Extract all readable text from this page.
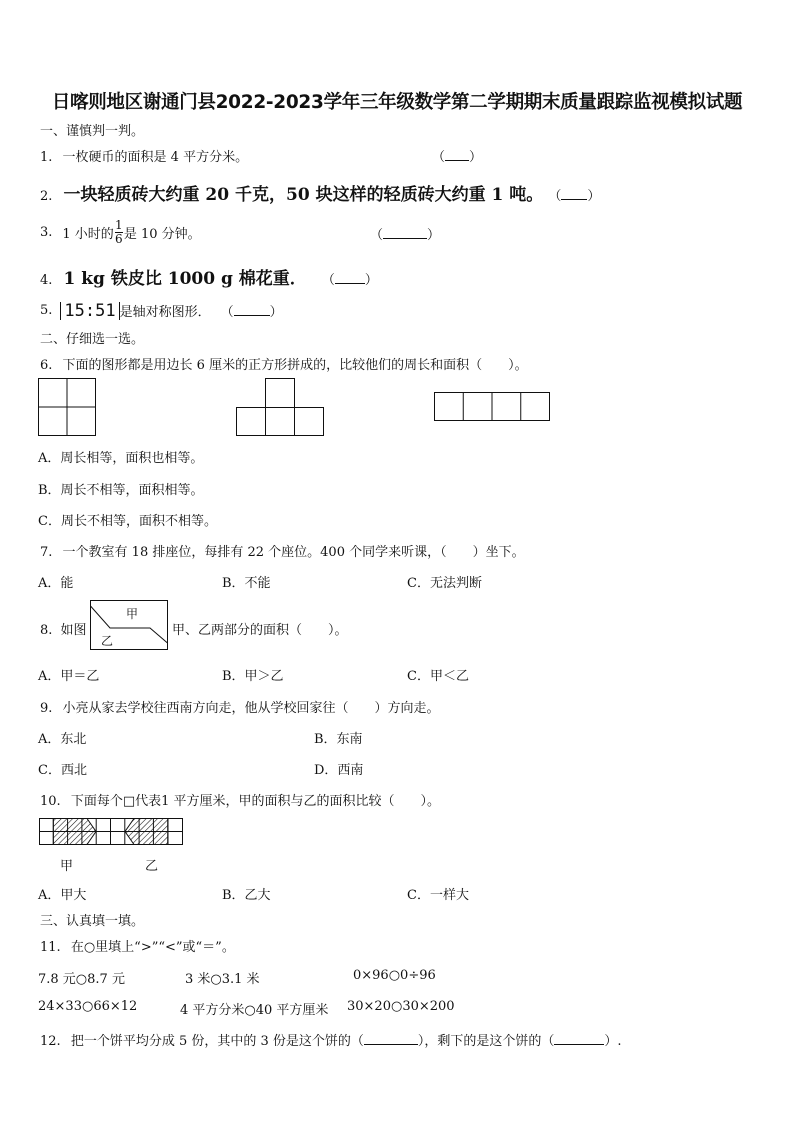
日喀则地区谢通门县2022-2023学年三年级数学第二学期期末质量跟踪监视模拟试题
一、谨慎判一判。
1. 一枚硬币的面积是 4 平方分米。	（ ）
2. 一块轻质砖大约重 20 千克，50 块这样的轻质砖大约重 1 吨。 （ ）
3. 1 小时的 $\frac{1}{6}$ 是 10 分钟。	（	）
4. 1 kg 铁皮比 1000 g 棉花重． （ ）
5. 15:51 是轴对称图形． （	）
二、仔细选一选。
6. 下面的图形都是用边长 6 厘米的正方形拼成的，比较他们的周长和面积（　　）。
A．周长相等，面积也相等。
B．周长不相等，面积相等。
C．周长不相等，面积不相等。
7. 一个教室有 18 排座位，每排有 22 个座位。400 个同学来听课，（　　）坐下。
A．能	B．不能	C．无法判断
8. 如图
甲
乙
甲、乙两部分的面积（　　）。
A．甲＝乙	B．甲＞乙	C．甲＜乙
9. 小亮从家去学校往西南方向走，他从学校回家往（　　）方向走。
A．东北	B．东南
C．西北	D．西南
10. 下面每个□代表1 平方厘米，甲的面积与乙的面积比较（　　）。
甲	乙
A．甲大	B．乙大	C．一样大
三、认真填一填。
11. 在○里填上“>”“<”或“＝”。
7.8 元○8.7 元	3 米○3.1 米	0×96○0÷96
24×33○66×12	4 平方分米○40 平方厘米 30×20○30×200
12. 把一个饼平均分成 5 份，其中的 3 份是这个饼的（	），剩下的是这个饼的（	）.
